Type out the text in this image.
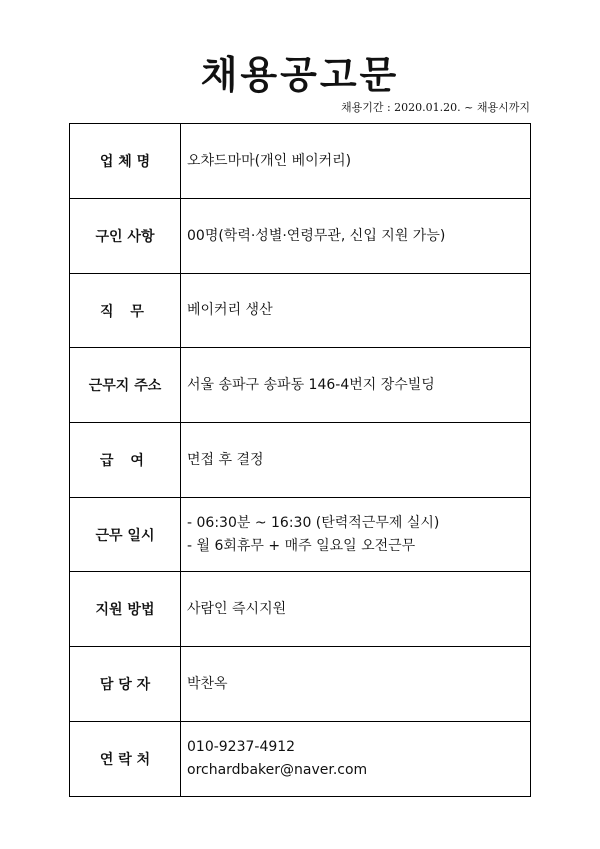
채용공고문
채용기간 : 2020.01.20. ~ 채용시까지
업 체 명	오챠드마마(개인 베이커리)

구인 사항	00명(학력·성별·연령무관, 신입 지원 가능)

직 무	베이커리 생산

근무지 주소	서울 송파구 송파동 146-4번지 장수빌딩

급 여	면접 후 결정

근무 일시	- 06:30분 ~ 16:30 (탄력적근무제 실시)
- 월 6회휴무 + 매주 일요일 오전근무

지원 방법	사람인 즉시지원

담 당 자	박찬옥

연 락 처	010-9237-4912
orchardbaker@naver.com
